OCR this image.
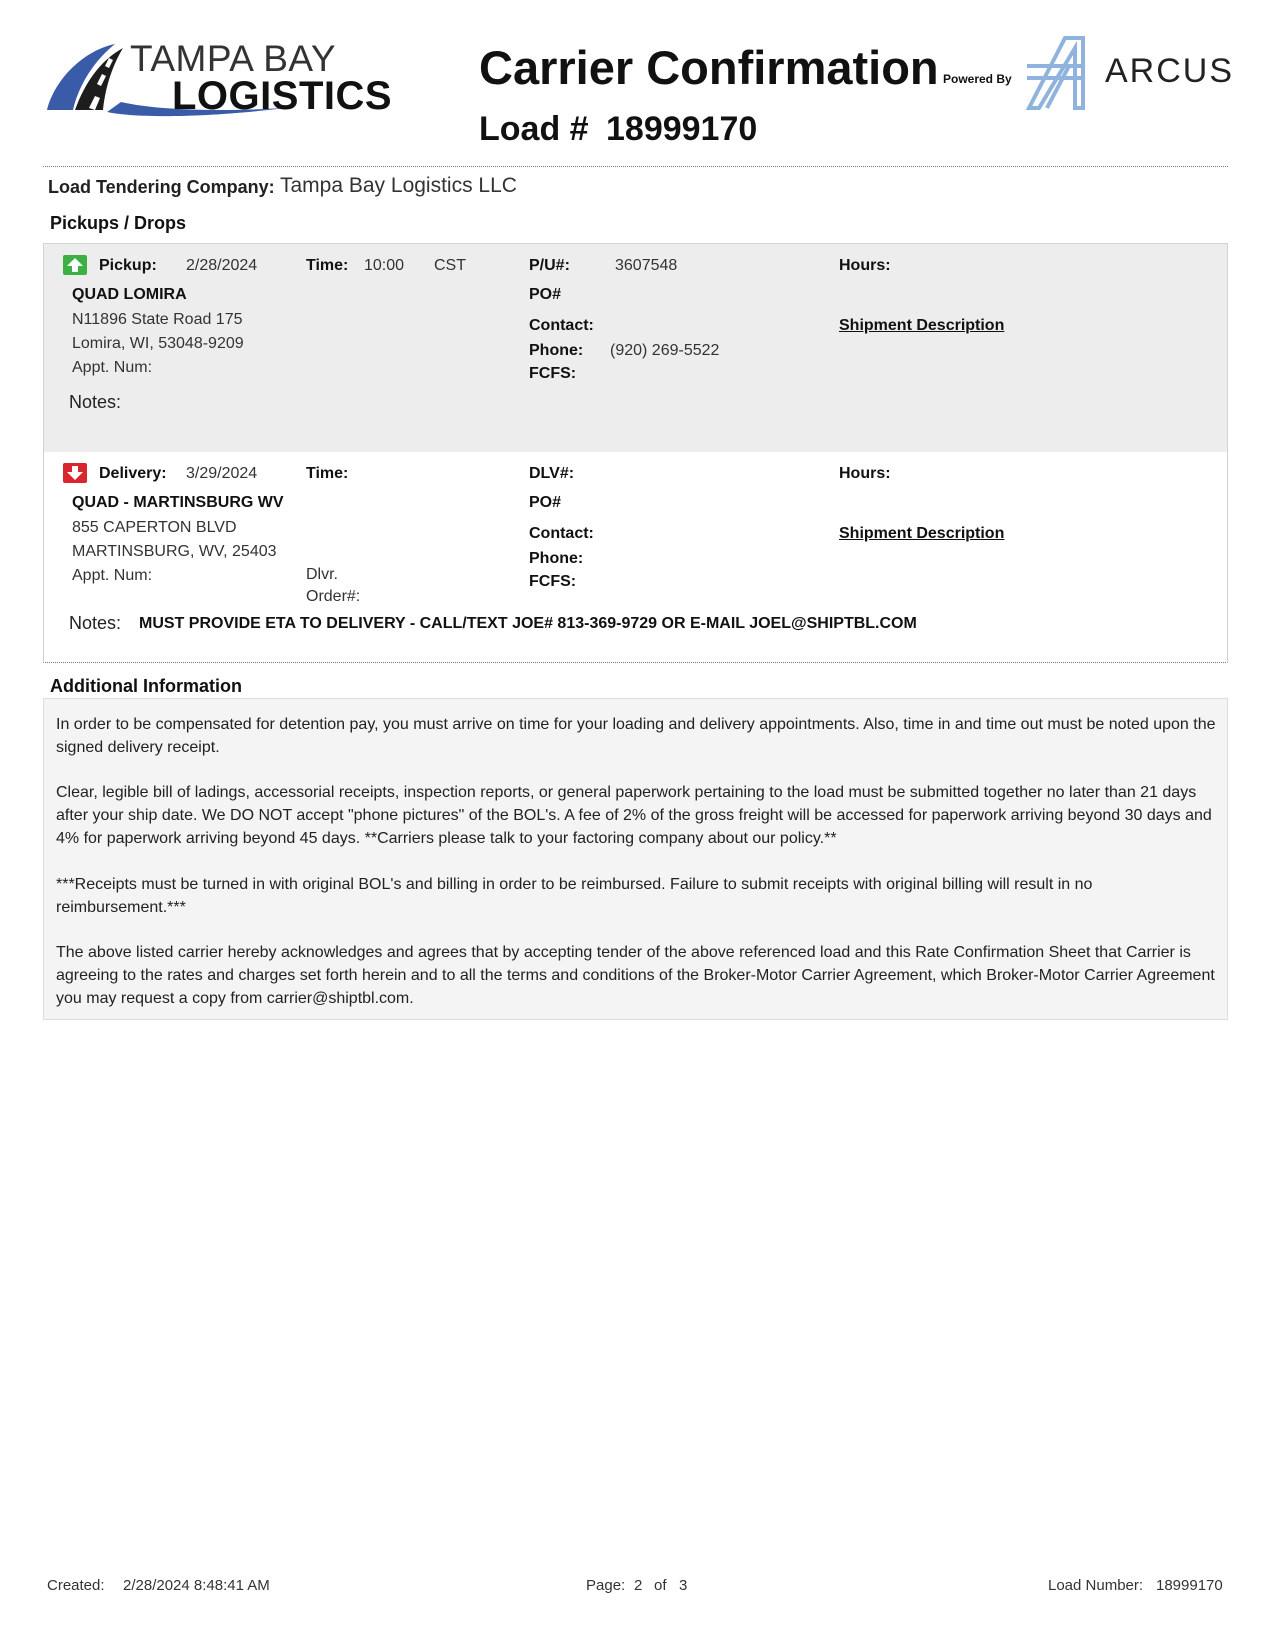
TAMPA BAY
LOGISTICS
Carrier Confirmation
Load # 18999170
Powered By	ARCUS
Load Tendering Company: Tampa Bay Logistics LLC
Pickups / Drops
Pickup: 2/28/2024	Time: 10:00 CST
QUAD LOMIRA
N11896 State Road 175
Lomira, WI, 53048-9209
Appt. Num:
Notes:
P/U#:	3607548
PO#
Contact:
Phone: (920) 269-5522
FCFS:
Hours:
Shipment Description
Delivery: 3/29/2024	Time:
QUAD - MARTINSBURG WV
855 CAPERTON BLVD
MARTINSBURG, WV, 25403
Appt. Num:	Dlvr.
Order#:
Notes: MUST PROVIDE ETA TO DELIVERY - CALL/TEXT JOE# 813-369-9729 OR E-MAIL JOEL@SHIPTBL.COM
DLV#:
PO#
Contact:
Phone:
FCFS:
Hours:
Shipment Description
Additional Information
In order to be compensated for detention pay, you must arrive on time for your loading and delivery appointments. Also, time in and time out must be noted upon the signed delivery receipt.
Clear, legible bill of ladings, accessorial receipts, inspection reports, or general paperwork pertaining to the load must be submitted together no later than 21 days after your ship date. We DO NOT accept "phone pictures" of the BOL's. A fee of 2% of the gross freight will be accessed for paperwork arriving beyond 30 days and 4% for paperwork arriving beyond 45 days. **Carriers please talk to your factoring company about our policy.**
***Receipts must be turned in with original BOL's and billing in order to be reimbursed. Failure to submit receipts with original billing will result in no reimbursement.***
The above listed carrier hereby acknowledges and agrees that by accepting tender of the above referenced load and this Rate Confirmation Sheet that Carrier is agreeing to the rates and charges set forth herein and to all the terms and conditions of the Broker-Motor Carrier Agreement, which Broker-Motor Carrier Agreement you may request a copy from carrier@shiptbl.com.
Created: 2/28/2024 8:48:41 AM	Page: 2 of 3	Load Number: 18999170
